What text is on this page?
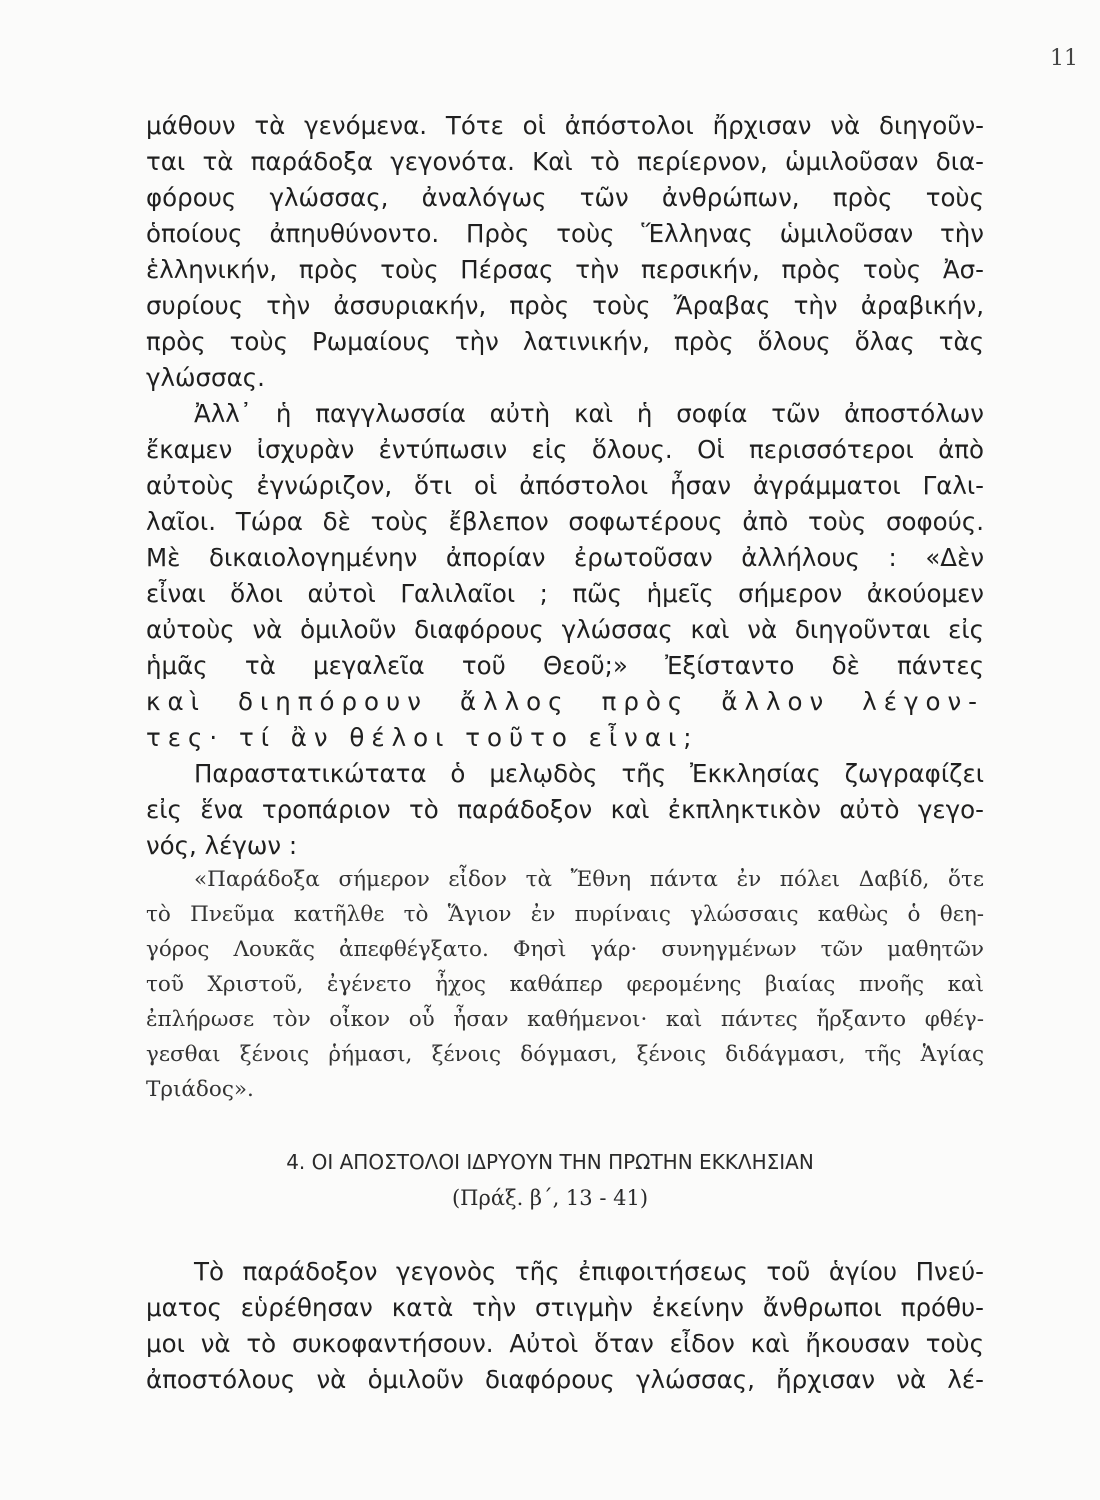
11
μάθουν τὰ γενόμενα. Τότε οἱ ἀπόστολοι ἤρχισαν νὰ διηγοῦν-
ται τὰ παράδοξα γεγονότα. Καὶ τὸ περίερνον, ὡμιλοῦσαν δια-
φόρους γλώσσας, ἀναλόγως τῶν ἀνθρώπων, πρὸς τοὺς
ὁποίους ἀπηυθύνοντο. Πρὸς τοὺς Ἕλληνας ὡμιλοῦσαν τὴν
ἑλληνικήν, πρὸς τοὺς Πέρσας τὴν περσικήν, πρὸς τοὺς Ἀσ-
συρίους τὴν ἀσσυριακήν, πρὸς τοὺς Ἄραβας τὴν ἀραβικήν,
πρὸς τοὺς Ρωμαίους τὴν λατινικήν, πρὸς ὅλους ὅλας τὰς
γλώσσας.
Ἀλλ᾽ ἡ παγγλωσσία αὐτὴ καὶ ἡ σοφία τῶν ἀποστόλων
ἔκαμεν ἰσχυρὰν ἐντύπωσιν εἰς ὅλους. Οἱ περισσότεροι ἀπὸ
αὐτοὺς ἐγνώριζον, ὅτι οἱ ἀπόστολοι ἦσαν ἀγράμματοι Γαλι-
λαῖοι. Τώρα δὲ τοὺς ἔβλεπον σοφωτέρους ἀπὸ τοὺς σοφούς.
Μὲ δικαιολογημένην ἀπορίαν ἐρωτοῦσαν ἀλλήλους : «Δὲν
εἶναι ὅλοι αὐτοὶ Γαλιλαῖοι ; πῶς ἡμεῖς σήμερον ἀκούομεν
αὐτοὺς νὰ ὁμιλοῦν διαφόρους γλώσσας καὶ νὰ διηγοῦνται εἰς
ἡμᾶς τὰ μεγαλεῖα τοῦ Θεοῦ;» Ἐξίσταντο δὲ πάντες
καὶ διηπόρουν ἄλλος πρὸς ἄλλον λέγον-
τες· τί ἂν θέλοι τοῦτο εἶναι;
Παραστατικώτατα ὁ μελῳδὸς τῆς Ἐκκλησίας ζωγραφίζει
εἰς ἕνα τροπάριον τὸ παράδοξον καὶ ἐκπληκτικὸν αὐτὸ γεγο-
νός, λέγων :
«Παράδοξα σήμερον εἶδον τὰ Ἔθνη πάντα ἐν πόλει Δαβίδ, ὅτε
τὸ Πνεῦμα κατῆλθε τὸ Ἅγιον ἐν πυρίναις γλώσσαις καθὼς ὁ θεη-
γόρος Λουκᾶς ἀπεφθέγξατο. Φησὶ γάρ· συνηγμένων τῶν μαθητῶν
τοῦ Χριστοῦ, ἐγένετο ἦχος καθάπερ φερομένης βιαίας πνοῆς καὶ
ἐπλήρωσε τὸν οἶκον οὗ ἦσαν καθήμενοι· καὶ πάντες ἤρξαντο φθέγ-
γεσθαι ξένοις ῥήμασι, ξένοις δόγμασι, ξένοις διδάγμασι, τῆς Ἁγίας
Τριάδος».
4. ΟΙ ΑΠΟΣΤΟΛΟΙ ΙΔΡΥΟΥΝ ΤΗΝ ΠΡΩΤΗΝ ΕΚΚΛΗΣΙΑΝ
(Πράξ. β΄, 13 - 41)
Τὸ παράδοξον γεγονὸς τῆς ἐπιφοιτήσεως τοῦ ἁγίου Πνεύ-
ματος εὑρέθησαν κατὰ τὴν στιγμὴν ἐκείνην ἄνθρωποι πρόθυ-
μοι νὰ τὸ συκοφαντήσουν. Αὐτοὶ ὅταν εἶδον καὶ ἤκουσαν τοὺς
ἀποστόλους νὰ ὁμιλοῦν διαφόρους γλώσσας, ἤρχισαν νὰ λέ-
